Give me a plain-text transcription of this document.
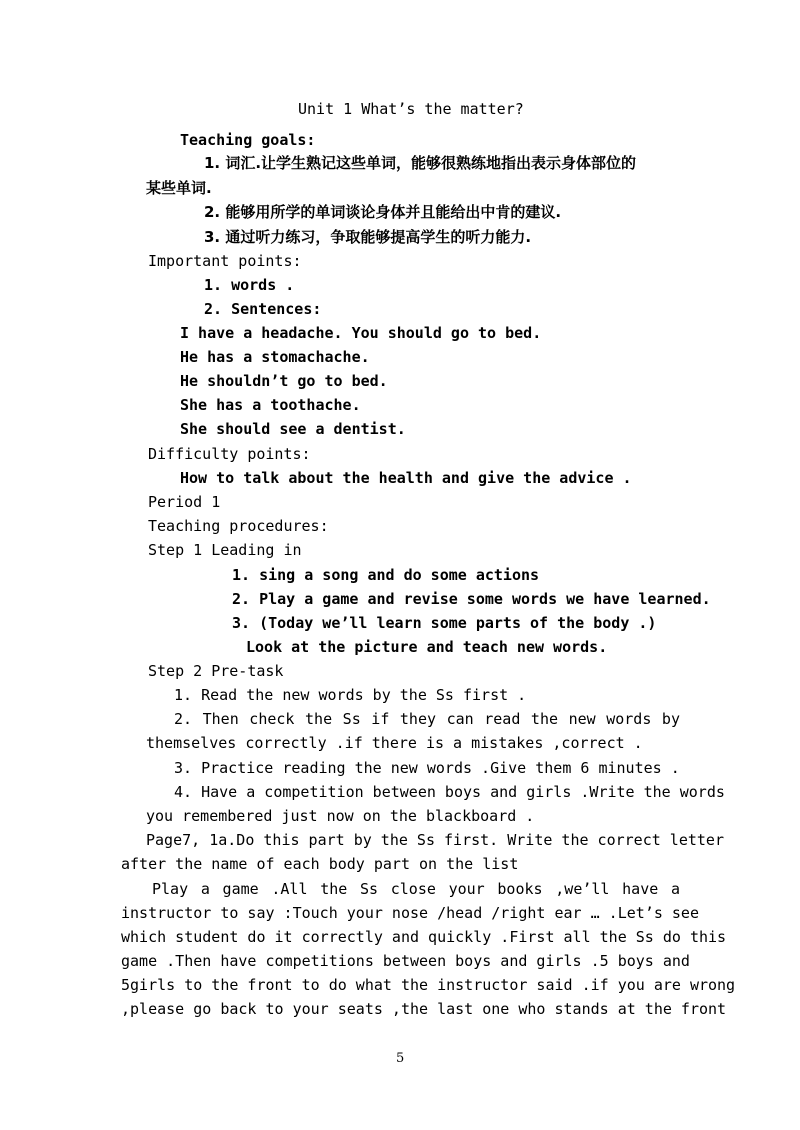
Unit 1 What’s the matter?
Teaching goals:
1. 词汇.让学生熟记这些单词，能够很熟练地指出表示身体部位的
某些单词.
2. 能够用所学的单词谈论身体并且能给出中肯的建议.
3. 通过听力练习，争取能够提高学生的听力能力.
Important points:
1. words .
2. Sentences:
I have a headache. You should go to bed.
He has a stomachache.
He shouldn’t go to bed.
She has a toothache.
She should see a dentist.
Difficulty points:
How to talk about the health and give the advice .
Period 1
Teaching procedures:
Step 1 Leading in
1. sing a song and do some actions
2. Play a game and revise some words we have learned.
3. (Today we’ll learn some parts of the body .)
Look at the picture and teach new words.
Step 2 Pre-task
1. Read the new words by the Ss first .
2. Then check the Ss if they can read the new words by
themselves correctly .if there is a mistakes ,correct .
3. Practice reading the new words .Give them 6 minutes .
4. Have a competition between boys and girls .Write the words
you remembered just now on the blackboard .
Page7, 1a.Do this part by the Ss first. Write the correct letter
after the name of each body part on the list
Play a game .All the Ss close your books ,we’ll have a
instructor to say :Touch your nose /head /right ear … .Let’s see
which student do it correctly and quickly .First all the Ss do this
game .Then have competitions between boys and girls .5 boys and
5girls to the front to do what the instructor said .if you are wrong
,please go back to your seats ,the last one who stands at the front
5
